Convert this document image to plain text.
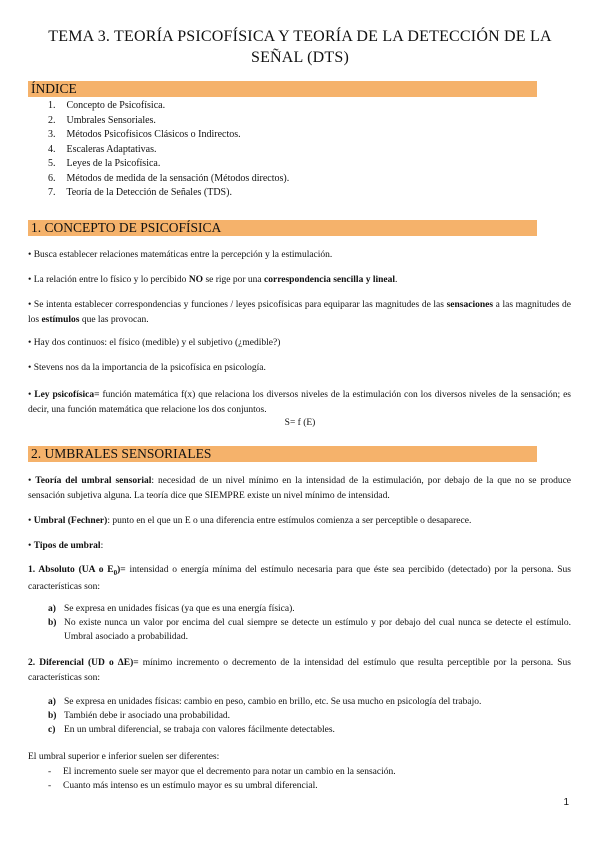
TEMA 3. TEORÍA PSICOFÍSICA Y TEORÍA DE LA DETECCIÓN DE LA SEÑAL (DTS)
ÍNDICE
1. Concepto de Psicofísica.
2. Umbrales Sensoriales.
3. Métodos Psicofísicos Clásicos o Indirectos.
4. Escaleras Adaptativas.
5. Leyes de la Psicofísica.
6. Métodos de medida de la sensación (Métodos directos).
7. Teoría de la Detección de Señales (TDS).
1. CONCEPTO DE PSICOFÍSICA
• Busca establecer relaciones matemáticas entre la percepción y la estimulación.
• La relación entre lo físico y lo percibido NO se rige por una correspondencia sencilla y lineal.
• Se intenta establecer correspondencias y funciones / leyes psicofísicas para equiparar las magnitudes de las sensaciones a las magnitudes de los estímulos que las provocan.
• Hay dos continuos: el físico (medible) y el subjetivo (¿medible?)
• Stevens nos da la importancia de la psicofísica en psicología.
• Ley psicofísica= función matemática f(x) que relaciona los diversos niveles de la estimulación con los diversos niveles de la sensación; es decir, una función matemática que relacione los dos conjuntos.
S= f (E)
2. UMBRALES SENSORIALES
• Teoría del umbral sensorial: necesidad de un nivel mínimo en la intensidad de la estimulación, por debajo de la que no se produce sensación subjetiva alguna. La teoría dice que SIEMPRE existe un nivel mínimo de intensidad.
• Umbral (Fechner): punto en el que un E o una diferencia entre estímulos comienza a ser perceptible o desaparece.
• Tipos de umbral:
1. Absoluto (UA o $E_0)=$ intensidad o energía mínima del estímulo necesaria para que éste sea percibido (detectado) por la persona. Sus características son:
a) Se expresa en unidades físicas (ya que es una energía física).
b) No existe nunca un valor por encima del cual siempre se detecte un estímulo y por debajo del cual nunca se detecte el estímulo. Umbral asociado a probabilidad.
2. Diferencial (UD o ΔE)= mínimo incremento o decremento de la intensidad del estímulo que resulta perceptible por la persona. Sus características son:
a) Se expresa en unidades físicas: cambio en peso, cambio en brillo, etc. Se usa mucho en psicología del trabajo.
b) También debe ir asociado una probabilidad.
c) En un umbral diferencial, se trabaja con valores fácilmente detectables.
El umbral superior e inferior suelen ser diferentes:
- El incremento suele ser mayor que el decremento para notar un cambio en la sensación.
- Cuanto más intenso es un estímulo mayor es su umbral diferencial.
1
